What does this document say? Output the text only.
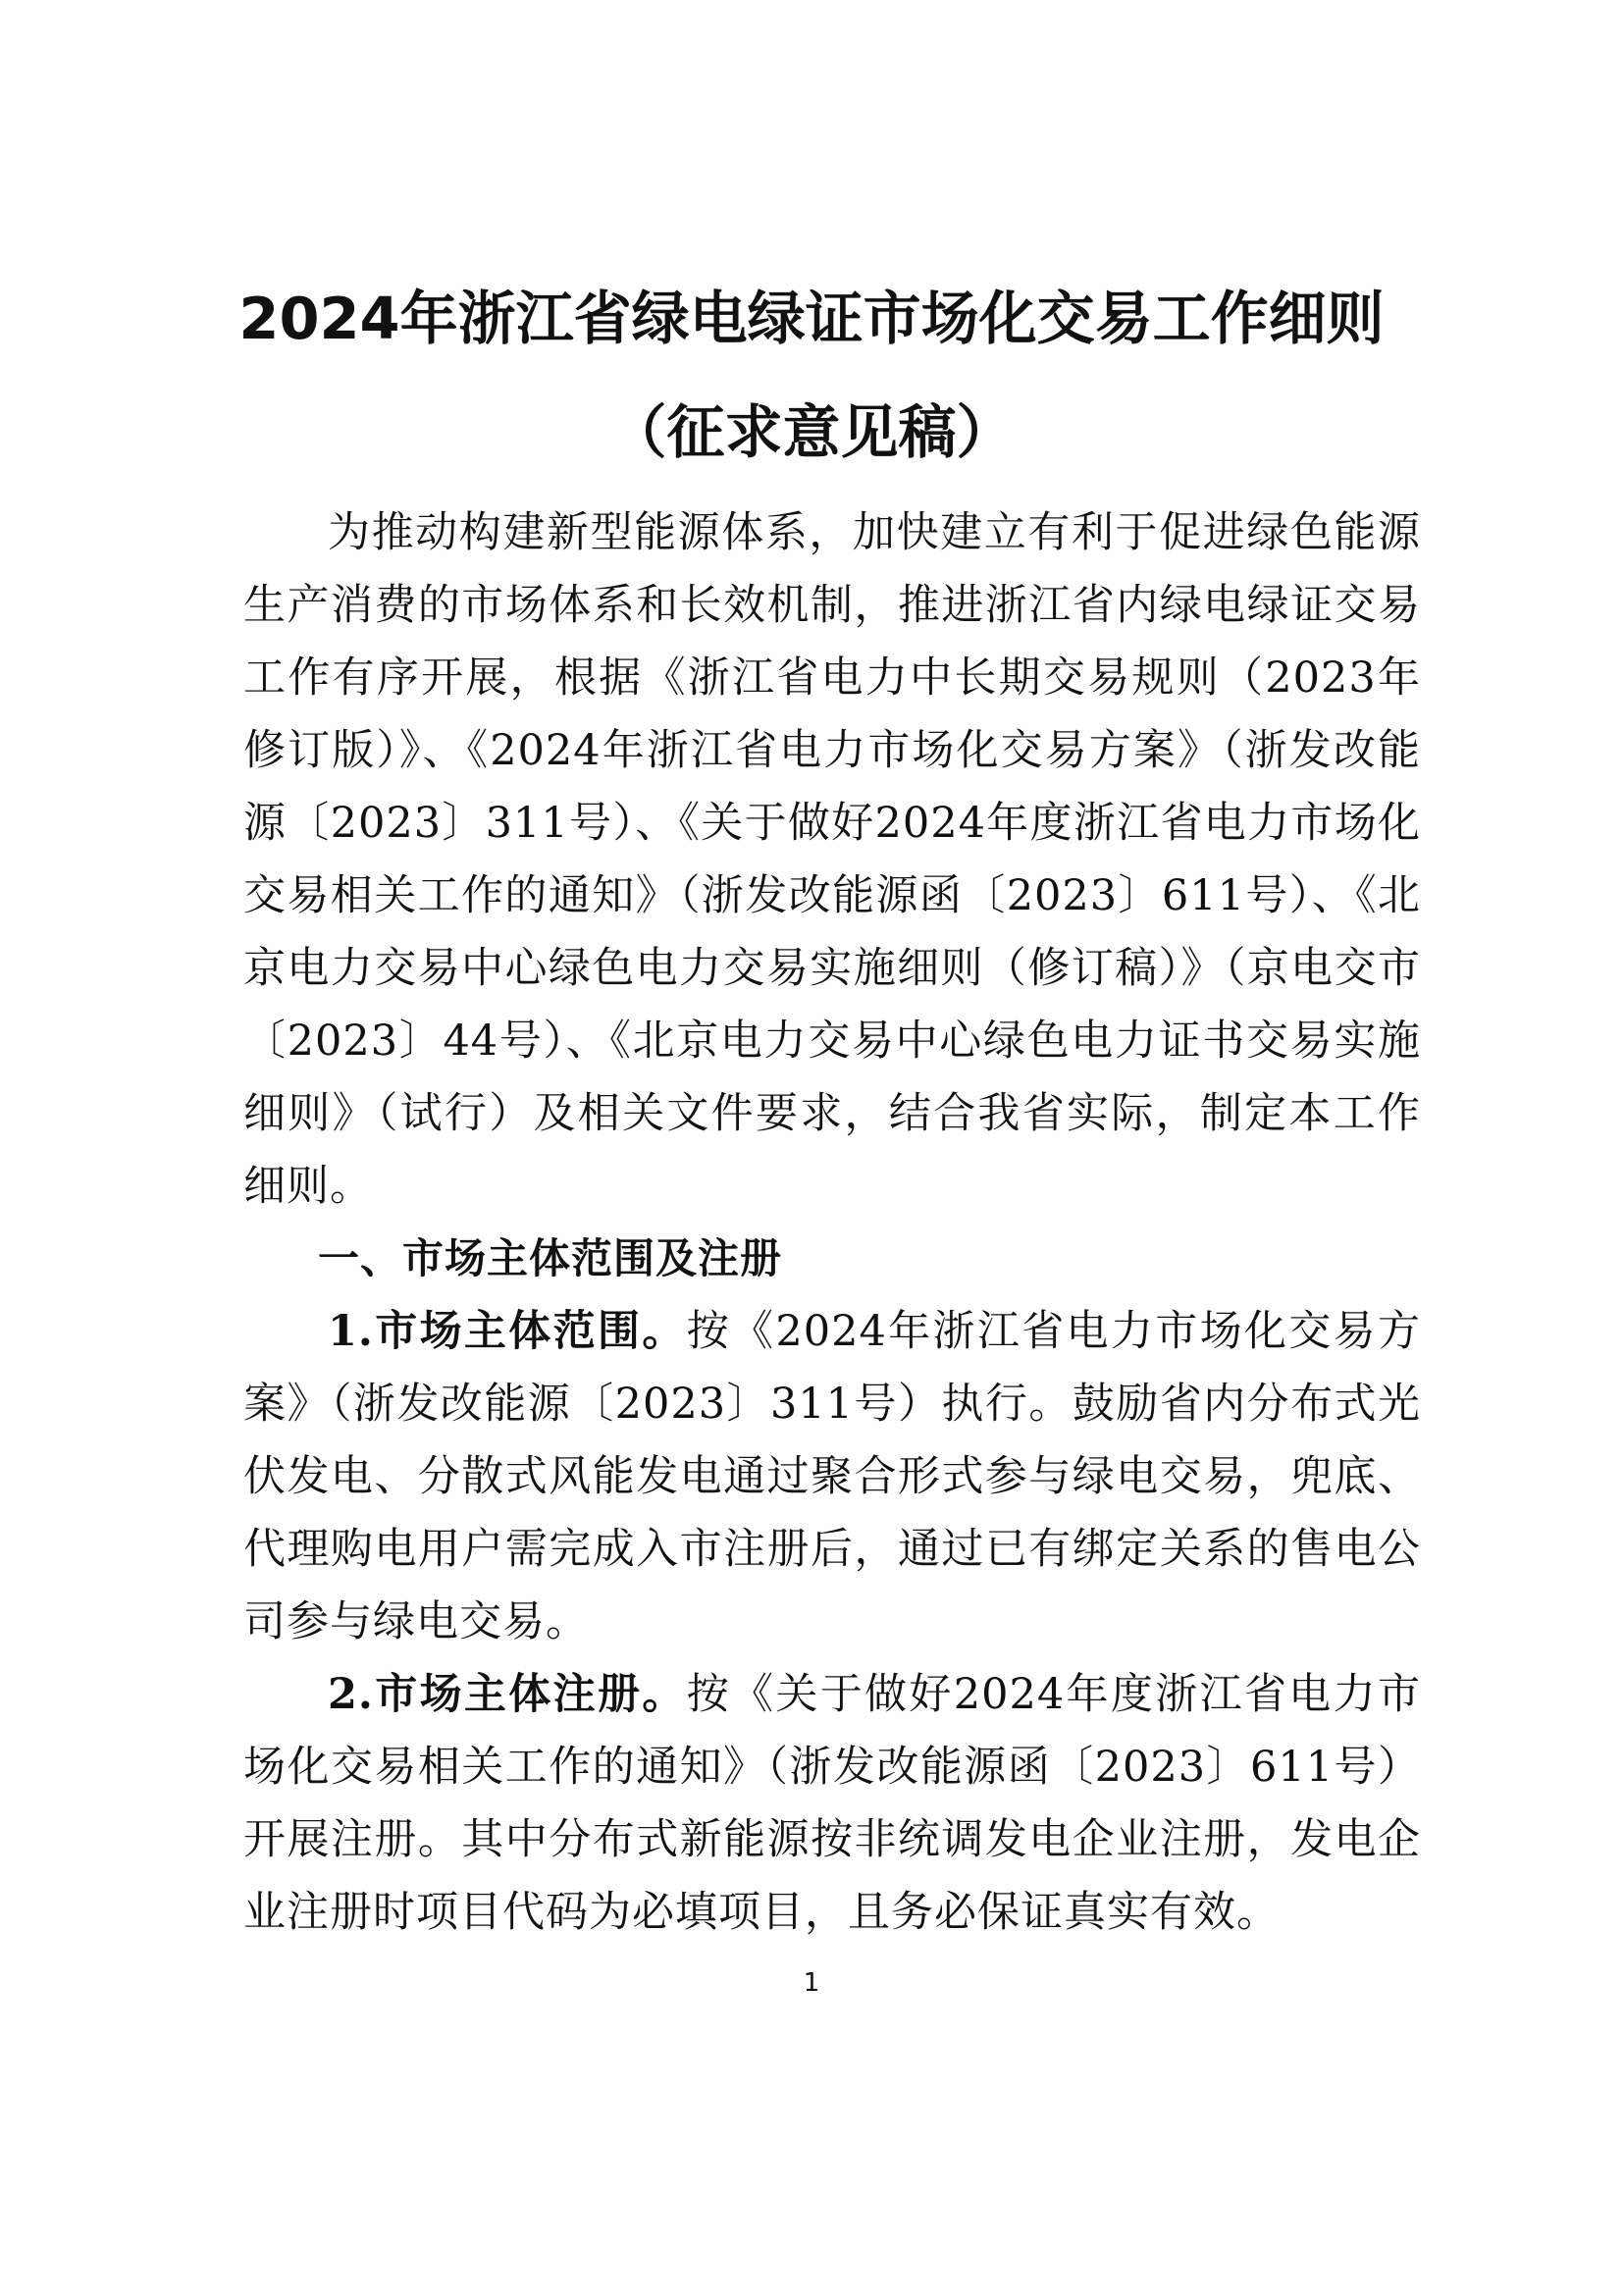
2024年浙江省绿电绿证市场化交易工作细则
（征求意见稿）

为推动构建新型能源体系，加快建立有利于促进绿色能源生产消费的市场体系和长效机制，推进浙江省内绿电绿证交易工作有序开展，根据《浙江省电力中长期交易规则（2023年修订版）》、《2024年浙江省电力市场化交易方案》（浙发改能源〔2023〕311号）、《关于做好2024年度浙江省电力市场化交易相关工作的通知》（浙发改能源函〔2023〕611号）、《北京电力交易中心绿色电力交易实施细则（修订稿）》（京电交市〔2023〕44号）、《北京电力交易中心绿色电力证书交易实施细则》（试行）及相关文件要求，结合我省实际，制定本工作细则。

一、市场主体范围及注册

1.市场主体范围。按《2024年浙江省电力市场化交易方案》（浙发改能源〔2023〕311号）执行。鼓励省内分布式光伏发电、分散式风能发电通过聚合形式参与绿电交易，兜底、代理购电用户需完成入市注册后，通过已有绑定关系的售电公司参与绿电交易。

2.市场主体注册。按《关于做好2024年度浙江省电力市场化交易相关工作的通知》（浙发改能源函〔2023〕611号）开展注册。其中分布式新能源按非统调发电企业注册，发电企业注册时项目代码为必填项目，且务必保证真实有效。

1
